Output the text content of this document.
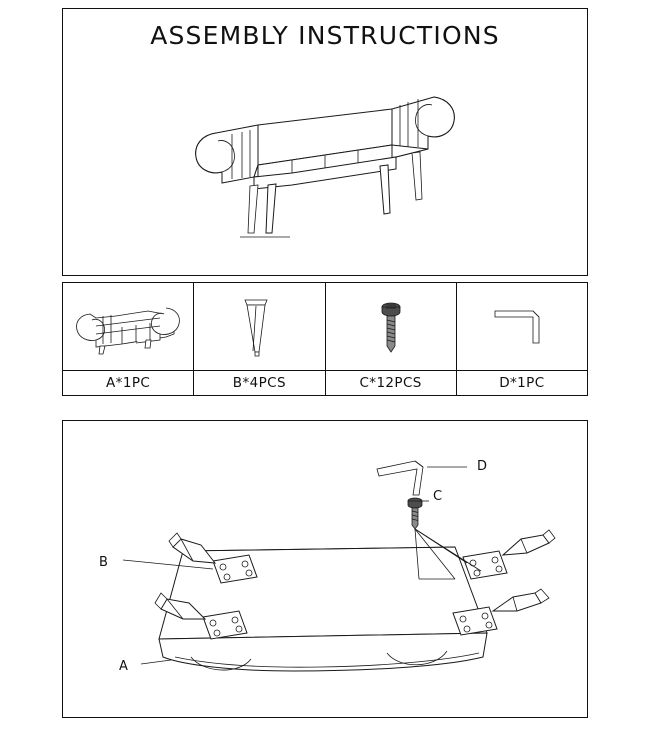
ASSEMBLY INSTRUCTIONS
A*1PC	B*4PCS	C*12PCS	D*1PC
B
A
D
C
